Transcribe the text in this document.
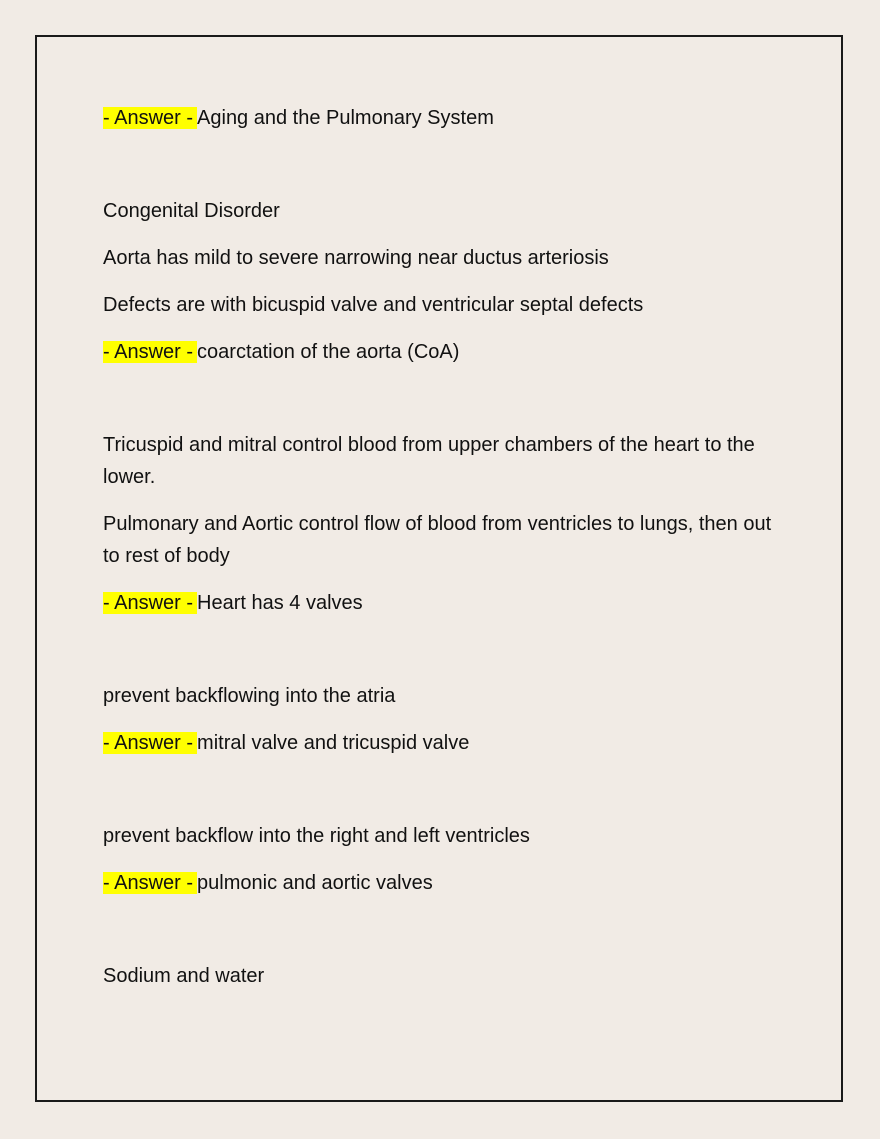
- Answer - Aging and the Pulmonary System
Congenital Disorder
Aorta has mild to severe narrowing near ductus arteriosis
Defects are with bicuspid valve and ventricular septal defects
- Answer - coarctation of the aorta (CoA)
Tricuspid and mitral control blood from upper chambers of the heart to the lower.
Pulmonary and Aortic control flow of blood from ventricles to lungs, then out to rest of body
- Answer - Heart has 4 valves
prevent backflowing into the atria
- Answer - mitral valve and tricuspid valve
prevent backflow into the right and left ventricles
- Answer - pulmonic and aortic valves
Sodium and water
